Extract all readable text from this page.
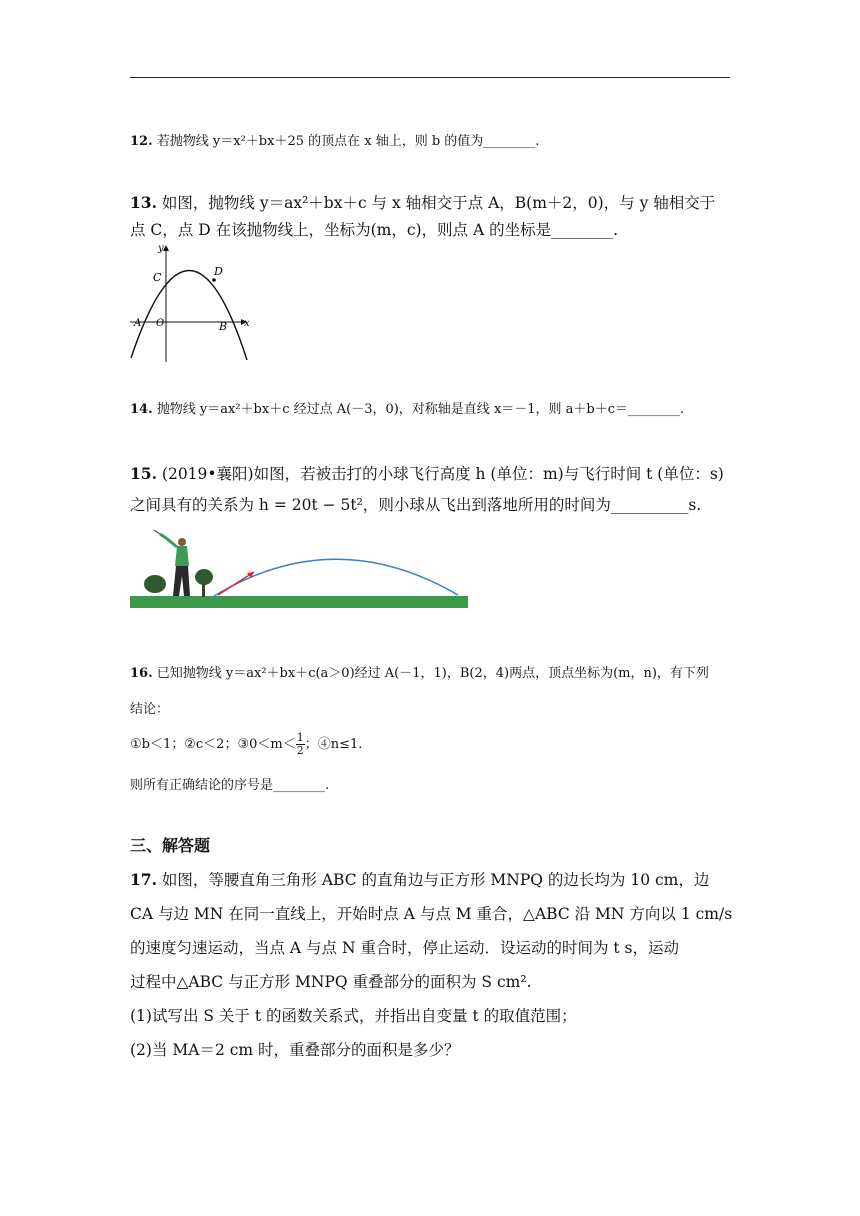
12. 若抛物线 y＝x²＋bx＋25 的顶点在 x 轴上，则 b 的值为________.
13. 如图，抛物线 y＝ax²＋bx＋c 与 x 轴相交于点 A，B(m＋2，0)，与 y 轴相交于
点 C，点 D 在该抛物线上，坐标为(m，c)，则点 A 的坐标是________.
y
x
C	D
A O	B
14. 抛物线 y＝ax²＋bx＋c 经过点 A(－3，0)，对称轴是直线 x＝－1，则 a＋b＋c＝________.
15. (2019•襄阳)如图，若被击打的小球飞行高度 h (单位：m)与飞行时间 t (单位：s)
之间具有的关系为 h = 20t − 5t²，则小球从飞出到落地所用的时间为__________s.
16. 已知抛物线 y＝ax²＋bx＋c(a＞0)经过 A(－1，1)，B(2，4)两点，顶点坐标为(m，n)，有下列
结论：
①b＜1；②c＜2；③0＜m＜ $\frac{1}{2}$ ；④n≤1.
则所有正确结论的序号是________.
三、解答题
17. 如图，等腰直角三角形 ABC 的直角边与正方形 MNPQ 的边长均为 10 cm，边
CA 与边 MN 在同一直线上，开始时点 A 与点 M 重合，△ABC 沿 MN 方向以 1 cm/s
的速度匀速运动，当点 A 与点 N 重合时，停止运动．设运动的时间为 t s，运动
过程中△ABC 与正方形 MNPQ 重叠部分的面积为 S cm².
(1)试写出 S 关于 t 的函数关系式，并指出自变量 t 的取值范围；
(2)当 MA＝2 cm 时，重叠部分的面积是多少？
